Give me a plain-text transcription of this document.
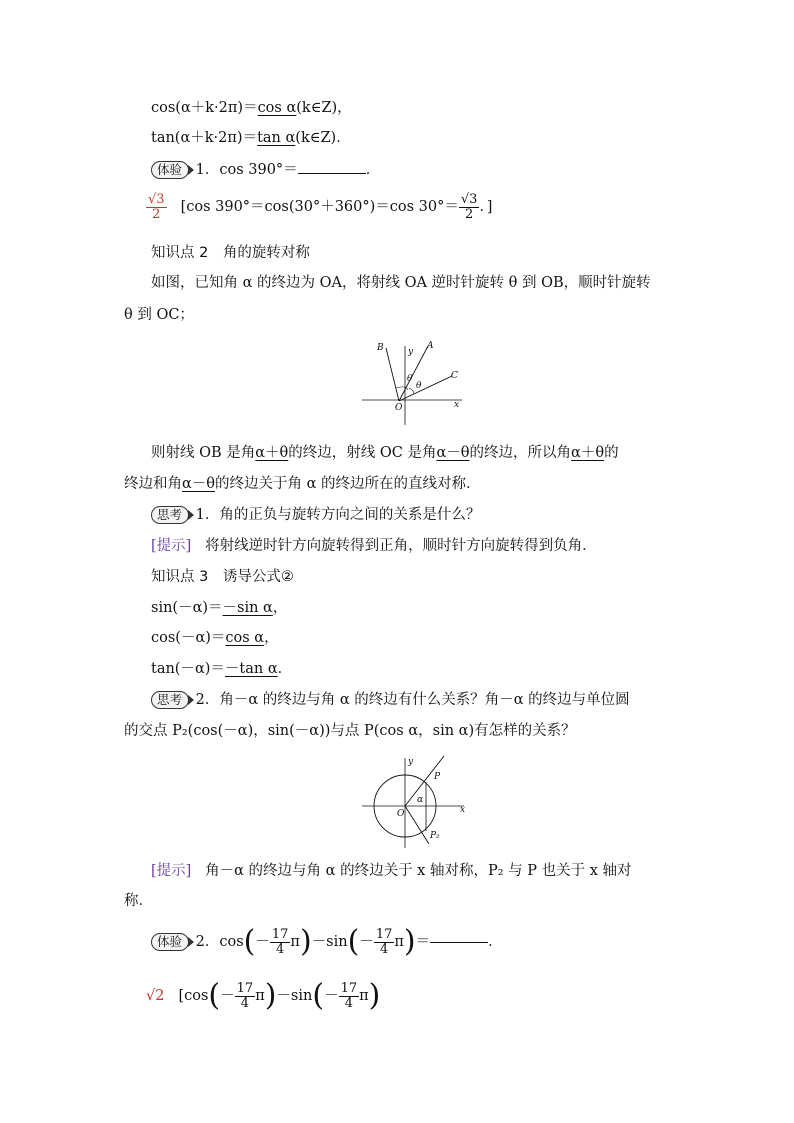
cos(α＋k·2π)＝cos α(k∈Z)，
tan(α＋k·2π)＝tan α(k∈Z)．
体验 1．cos 390°＝	．
$\frac{√3}{2} [\cos$ 390°＝cos(30°＋360°)＝cos $30^\circ= \frac{√3}{2}$ ．]
知识点 2　角的旋转对称
如图，已知角 α 的终边为 OA，将射线 OA 逆时针旋转 θ 到 OB，顺时针旋转
θ 到 OC；
B	y
A
C
O	x
θ
θ
则射线 OB 是角α＋θ的终边，射线 OC 是角α－θ的终边，所以角α＋θ的
终边和角α－θ的终边关于角 α 的终边所在的直线对称．
思考 1．角的正负与旋转方向之间的关系是什么？
[提示] 将射线逆时针方向旋转得到正角，顺时针方向旋转得到负角．
知识点 3　诱导公式②
sin(－α)＝－sin α，
cos(－α)＝cos α，
tan(－α)＝－tan α．
思考 2．角－α 的终边与角 α 的终边有什么关系？角－α 的终边与单位圆
的交点 P₂(cos(－α)，sin(－α))与点 P(cos α，sin α)有怎样的关系？
y
P
α
O	x
P₂
[提示] 角－α 的终边与角 α 的终边关于 x 轴对称，P₂ 与 P 也关于 x 轴对
称．
体验 2．$\cos(- \frac{17}{4} \pi)-\sin(- \frac{17}{4} \pi)=$	．
√2 [$\cos(- \frac{17}{4} \pi)-\sin(- \frac{17}{4} \pi)$
